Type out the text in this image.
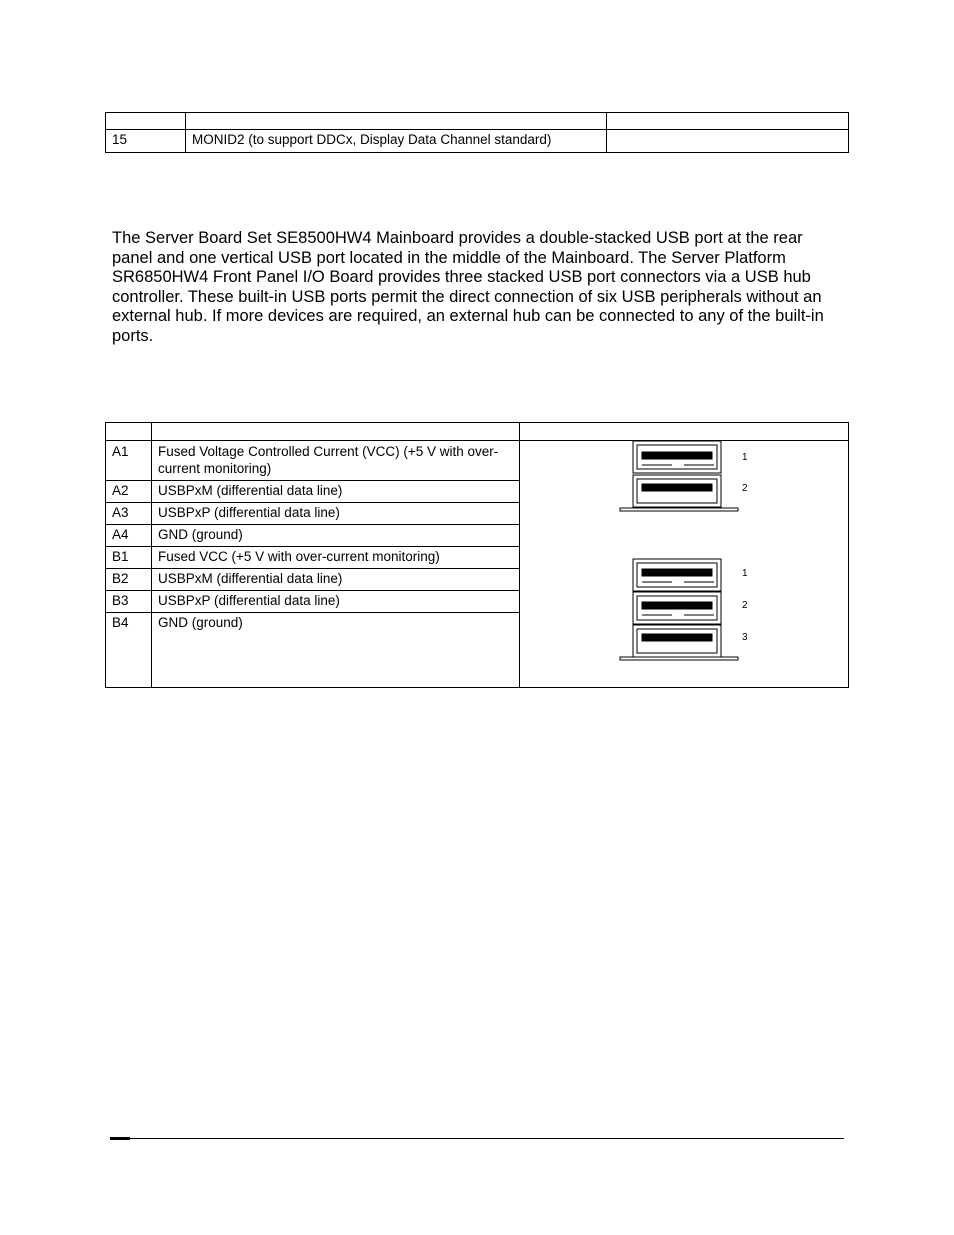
15	MONID2 (to support DDCx, Display Data Channel standard)	

The Server Board Set SE8500HW4 Mainboard provides a double-stacked USB port at the rear panel and one vertical USB port located in the middle of the Mainboard. The Server Platform SR6850HW4 Front Panel I/O Board provides three stacked USB port connectors via a USB hub controller. These built-in USB ports permit the direct connection of six USB peripherals without an external hub. If more devices are required, an external hub can be connected to any of the built-in ports.

A1	Fused Voltage Controlled Current (VCC) (+5 V with over-current monitoring)	1
2
1
2
3

A2	USBPxM (differential data line)	
A3	USBPxP (differential data line)	
A4	GND (ground)	
B1	Fused VCC (+5 V with over-current monitoring)	
B2	USBPxM (differential data line)	
B3	USBPxP (differential data line)	
B4	GND (ground)	
